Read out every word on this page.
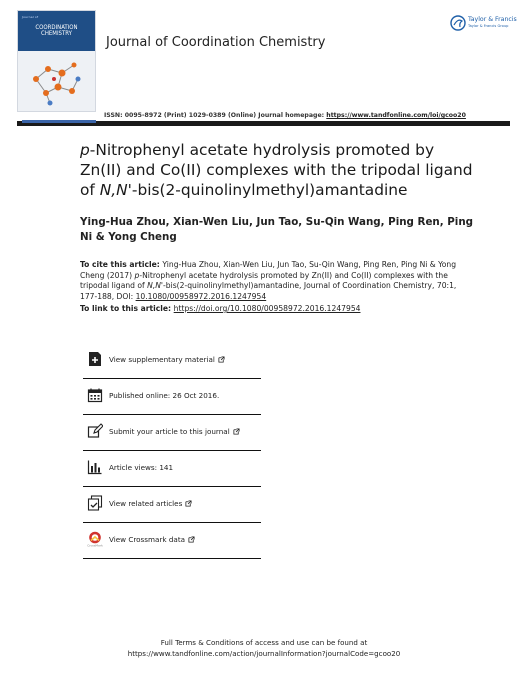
Journal of
COORDINATION
CHEMISTRY
Journal of Coordination Chemistry
Taylor & Francis
Taylor & Francis Group
ISSN: 0095-8972 (Print) 1029-0389 (Online) Journal homepage: https://www.tandfonline.com/loi/gcoo20
p-Nitrophenyl acetate hydrolysis promoted by Zn(II) and Co(II) complexes with the tripodal ligand of N,N'-bis(2-quinolinylmethyl)amantadine
Ying-Hua Zhou, Xian-Wen Liu, Jun Tao, Su-Qin Wang, Ping Ren, Ping Ni & Yong Cheng
To cite this article: Ying-Hua Zhou, Xian-Wen Liu, Jun Tao, Su-Qin Wang, Ping Ren, Ping Ni & Yong Cheng (2017) p-Nitrophenyl acetate hydrolysis promoted by Zn(II) and Co(II) complexes with the tripodal ligand of N,N'-bis(2-quinolinylmethyl)amantadine, Journal of Coordination Chemistry, 70:1, 177-188, DOI: 10.1080/00958972.2016.1247954
To link to this article: https://doi.org/10.1080/00958972.2016.1247954
View supplementary material
Published online: 26 Oct 2016.
Submit your article to this journal
Article views: 141
View related articles
CrossMark
View Crossmark data
Full Terms & Conditions of access and use can be found at
https://www.tandfonline.com/action/journalInformation?journalCode=gcoo20
